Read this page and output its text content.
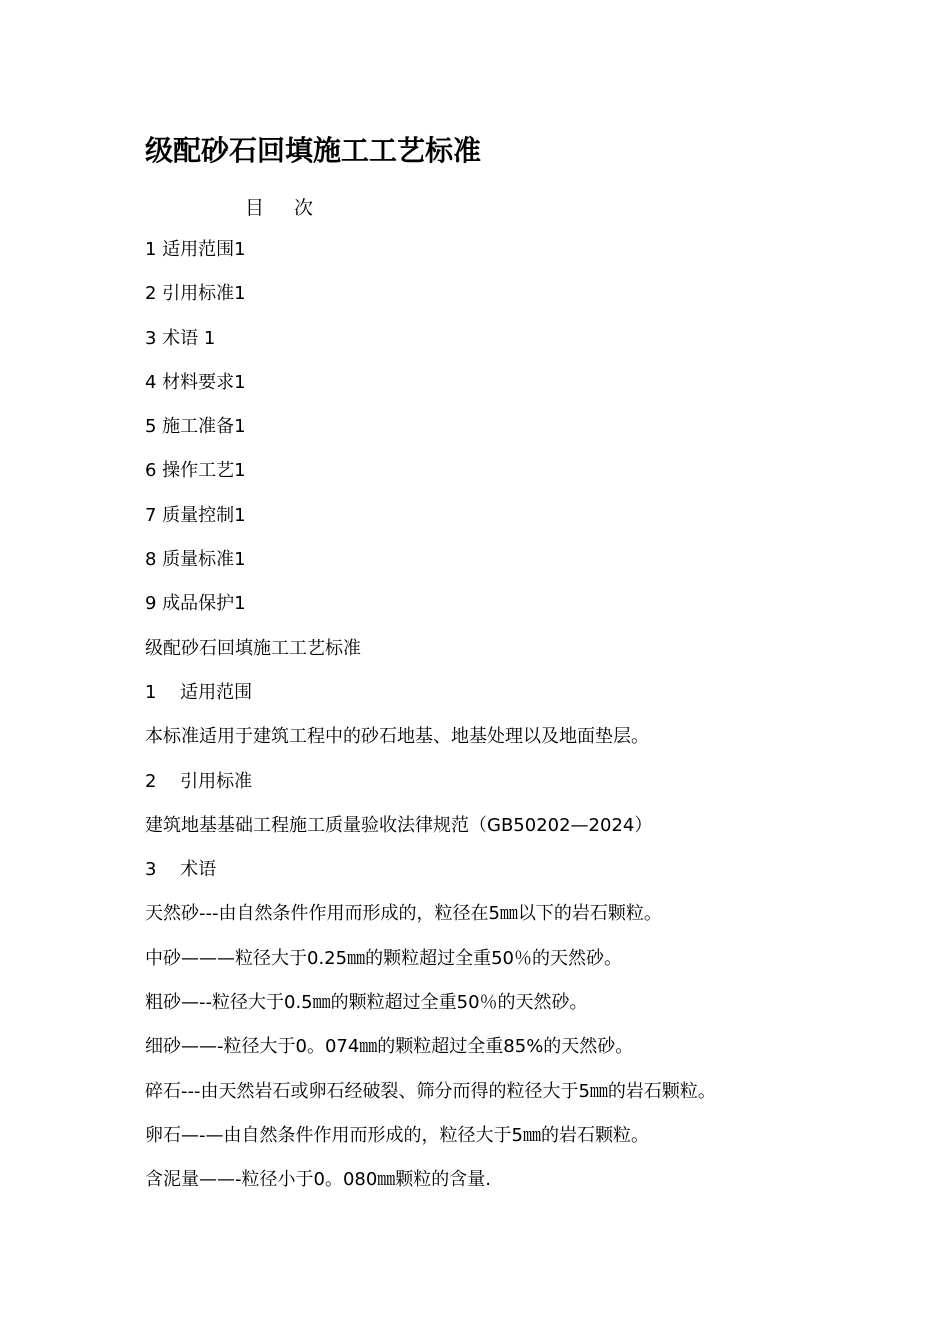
级配砂石回填施工工艺标准
目 次
1 适用范围1
2 引用标准1
3 术语 1
4 材料要求1
5 施工准备1
6 操作工艺1
7 质量控制1
8 质量标准1
9 成品保护1
级配砂石回填施工工艺标准
1　 适用范围
本标准适用于建筑工程中的砂石地基、地基处理以及地面垫层。
2　 引用标准
建筑地基基础工程施工质量验收法律规范（GB50202—2024）
3　 术语
天然砂---由自然条件作用而形成的，粒径在5㎜以下的岩石颗粒。
中砂———粒径大于0.25㎜的颗粒超过全重50％的天然砂。
粗砂—--粒径大于0.5㎜的颗粒超过全重50％的天然砂。
细砂——-粒径大于0。074㎜的颗粒超过全重85%的天然砂。
碎石---由天然岩石或卵石经破裂、筛分而得的粒径大于5㎜的岩石颗粒。
卵石—-—由自然条件作用而形成的，粒径大于5㎜的岩石颗粒。
含泥量——-粒径小于0。080㎜颗粒的含量.
